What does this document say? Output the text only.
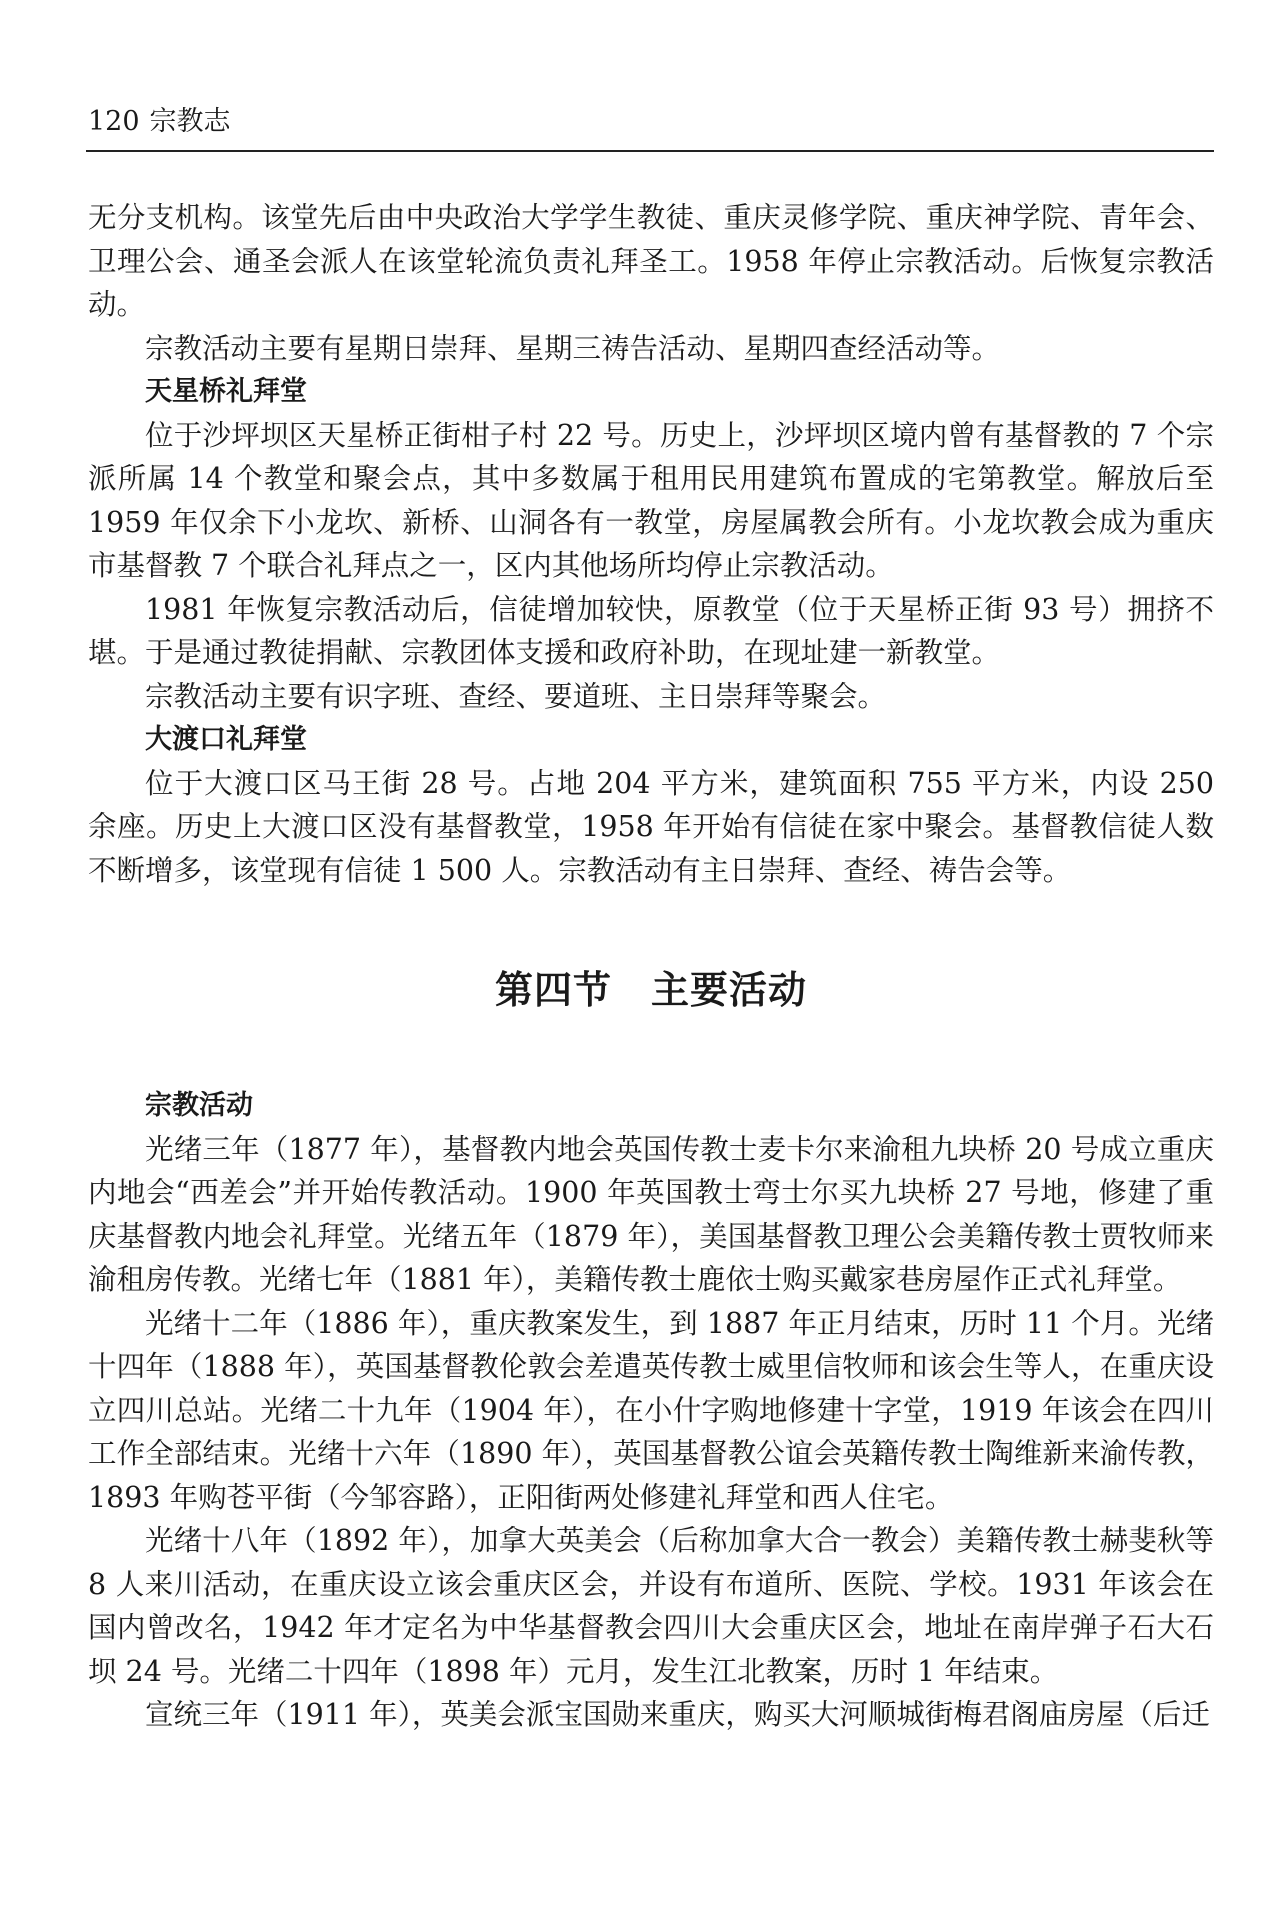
120 宗教志

无分支机构。该堂先后由中央政治大学学生教徒、重庆灵修学院、重庆神学院、青年会、卫理公会、通圣会派人在该堂轮流负责礼拜圣工。1958 年停止宗教活动。后恢复宗教活动。

宗教活动主要有星期日崇拜、星期三祷告活动、星期四查经活动等。

天星桥礼拜堂

位于沙坪坝区天星桥正街柑子村 22 号。历史上，沙坪坝区境内曾有基督教的 7 个宗派所属 14 个教堂和聚会点，其中多数属于租用民用建筑布置成的宅第教堂。解放后至 1959 年仅余下小龙坎、新桥、山洞各有一教堂，房屋属教会所有。小龙坎教会成为重庆市基督教 7 个联合礼拜点之一，区内其他场所均停止宗教活动。

1981 年恢复宗教活动后，信徒增加较快，原教堂（位于天星桥正街 93 号）拥挤不堪。于是通过教徒捐献、宗教团体支援和政府补助，在现址建一新教堂。

宗教活动主要有识字班、查经、要道班、主日崇拜等聚会。

大渡口礼拜堂

位于大渡口区马王街 28 号。占地 204 平方米，建筑面积 755 平方米，内设 250 余座。历史上大渡口区没有基督教堂，1958 年开始有信徒在家中聚会。基督教信徒人数不断增多，该堂现有信徒 1 500 人。宗教活动有主日崇拜、查经、祷告会等。

第四节　主要活动

宗教活动

光绪三年（1877 年），基督教内地会英国传教士麦卡尔来渝租九块桥 20 号成立重庆内地会“西差会”并开始传教活动。1900 年英国教士弯士尔买九块桥 27 号地，修建了重庆基督教内地会礼拜堂。光绪五年（1879 年），美国基督教卫理公会美籍传教士贾牧师来渝租房传教。光绪七年（1881 年），美籍传教士鹿依士购买戴家巷房屋作正式礼拜堂。

光绪十二年（1886 年），重庆教案发生，到 1887 年正月结束，历时 11 个月。光绪十四年（1888 年），英国基督教伦敦会差遣英传教士威里信牧师和该会生等人，在重庆设立四川总站。光绪二十九年（1904 年），在小什字购地修建十字堂，1919 年该会在四川工作全部结束。光绪十六年（1890 年），英国基督教公谊会英籍传教士陶维新来渝传教，1893 年购苍平街（今邹容路），正阳街两处修建礼拜堂和西人住宅。

光绪十八年（1892 年），加拿大英美会（后称加拿大合一教会）美籍传教士赫斐秋等 8 人来川活动，在重庆设立该会重庆区会，并设有布道所、医院、学校。1931 年该会在国内曾改名，1942 年才定名为中华基督教会四川大会重庆区会，地址在南岸弹子石大石坝 24 号。光绪二十四年（1898 年）元月，发生江北教案，历时 1 年结束。

宣统三年（1911 年），英美会派宝国勋来重庆，购买大河顺城街梅君阁庙房屋（后迁
